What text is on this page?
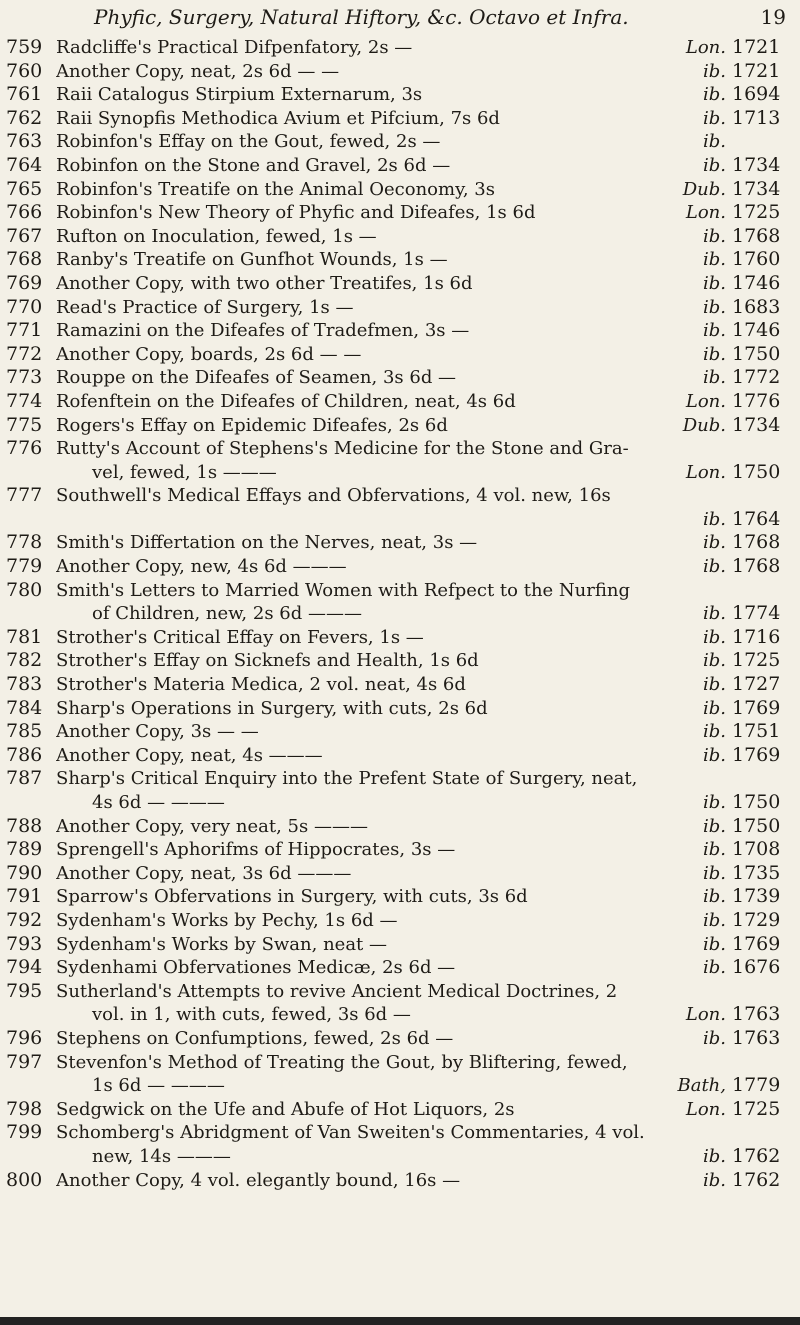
Phyfic, Surgery, Natural Hiftory, &c. Octavo et Infra.	19
759 Radcliffe's Practical Difpenfatory, 2s —	Lon. 1721
760 Another Copy, neat, 2s 6d — —	ib. 1721
761 Raii Catalogus Stirpium Externarum, 3s	ib. 1694
762 Raii Synopfis Methodica Avium et Pifcium, 7s 6d	ib. 1713
763 Robinfon's Effay on the Gout, fewed, 2s —	ib.
764 Robinfon on the Stone and Gravel, 2s 6d —	ib. 1734
765 Robinfon's Treatife on the Animal Oeconomy, 3s	Dub. 1734
766 Robinfon's New Theory of Phyfic and Difeafes, 1s 6d	Lon. 1725
767 Rufton on Inoculation, fewed, 1s —	ib. 1768
768 Ranby's Treatife on Gunfhot Wounds, 1s —	ib. 1760
769 Another Copy, with two other Treatifes, 1s 6d	ib. 1746
770 Read's Practice of Surgery, 1s —	ib. 1683
771 Ramazini on the Difeafes of Tradefmen, 3s —	ib. 1746
772 Another Copy, boards, 2s 6d — —	ib. 1750
773 Rouppe on the Difeafes of Seamen, 3s 6d —	ib. 1772
774 Rofenftein on the Difeafes of Children, neat, 4s 6d	Lon. 1776
775 Rogers's Effay on Epidemic Difeafes, 2s 6d	Dub. 1734
776 Rutty's Account of Stephens's Medicine for the Stone and Gra-
vel, fewed, 1s ———	Lon. 1750
777 Southwell's Medical Effays and Obfervations, 4 vol. new, 16s
ib. 1764
778 Smith's Differtation on the Nerves, neat, 3s —	ib. 1768
779 Another Copy, new, 4s 6d ———	ib. 1768
780 Smith's Letters to Married Women with Refpect to the Nurfing
of Children, new, 2s 6d ———	ib. 1774
781 Strother's Critical Effay on Fevers, 1s —	ib. 1716
782 Strother's Effay on Sicknefs and Health, 1s 6d	ib. 1725
783 Strother's Materia Medica, 2 vol. neat, 4s 6d	ib. 1727
784 Sharp's Operations in Surgery, with cuts, 2s 6d	ib. 1769
785 Another Copy, 3s — —	ib. 1751
786 Another Copy, neat, 4s ———	ib. 1769
787 Sharp's Critical Enquiry into the Prefent State of Surgery, neat,
4s 6d — ———	ib. 1750
788 Another Copy, very neat, 5s ———	ib. 1750
789 Sprengell's Aphorifms of Hippocrates, 3s —	ib. 1708
790 Another Copy, neat, 3s 6d ———	ib. 1735
791 Sparrow's Obfervations in Surgery, with cuts, 3s 6d	ib. 1739
792 Sydenham's Works by Pechy, 1s 6d —	ib. 1729
793 Sydenham's Works by Swan, neat —	ib. 1769
794 Sydenhami Obfervationes Medicæ, 2s 6d —	ib. 1676
795 Sutherland's Attempts to revive Ancient Medical Doctrines, 2
vol. in 1, with cuts, fewed, 3s 6d —	Lon. 1763
796 Stephens on Confumptions, fewed, 2s 6d —	ib. 1763
797 Stevenfon's Method of Treating the Gout, by Bliftering, fewed,
1s 6d — ———	Bath, 1779
798 Sedgwick on the Ufe and Abufe of Hot Liquors, 2s	Lon. 1725
799 Schomberg's Abridgment of Van Sweiten's Commentaries, 4 vol.
new, 14s ———	ib. 1762
800 Another Copy, 4 vol. elegantly bound, 16s —	ib. 1762
